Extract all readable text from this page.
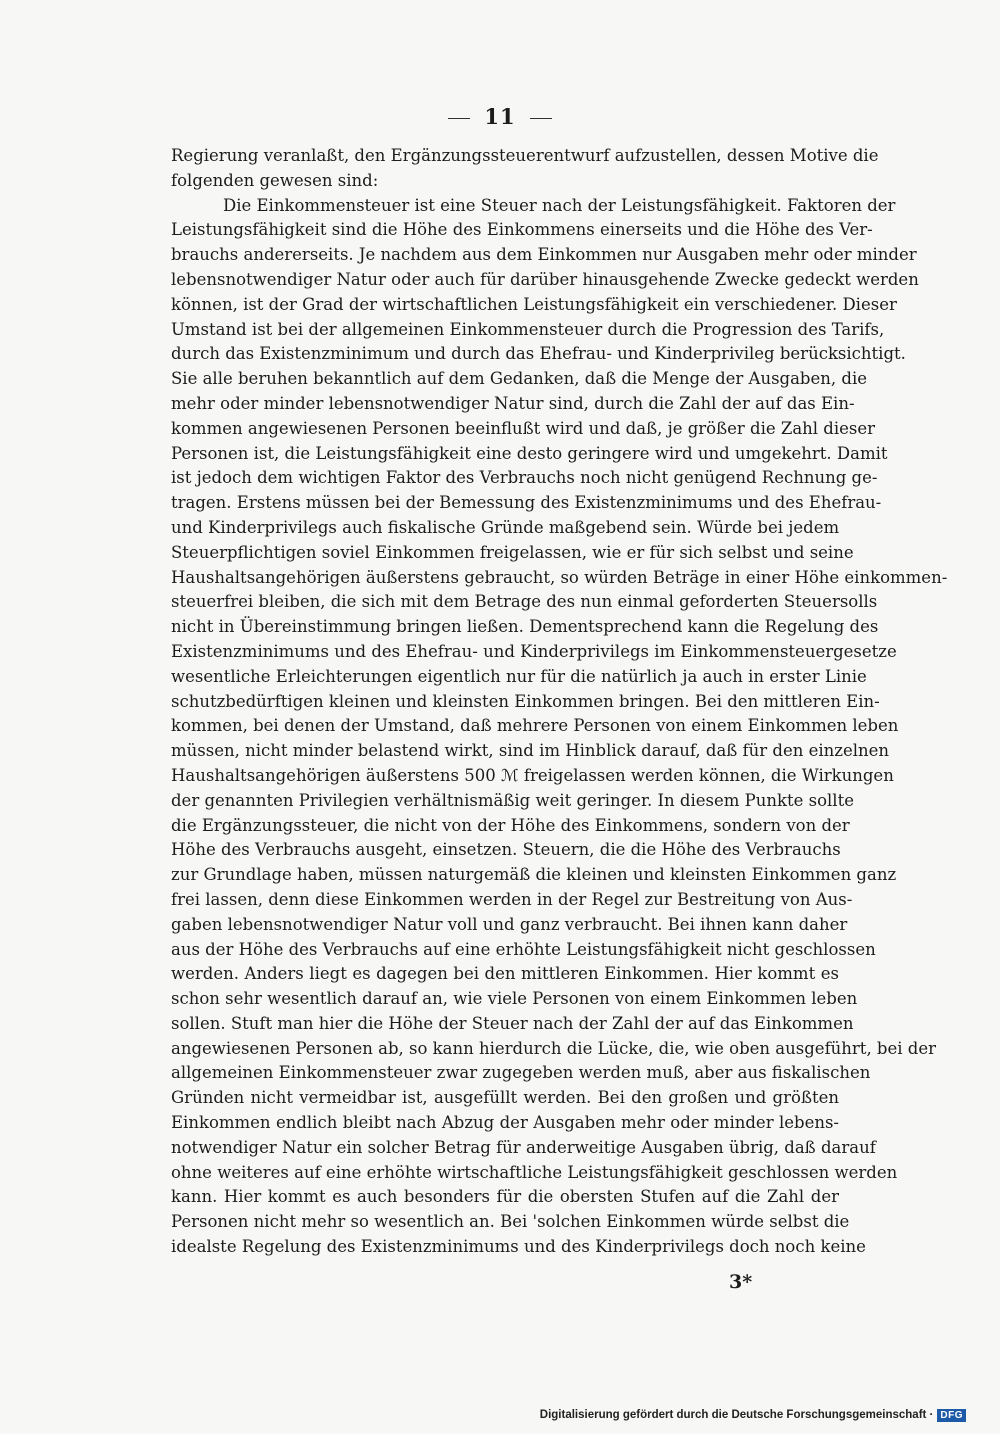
11
Regierung veranlaßt, den Ergänzungssteuerentwurf aufzustellen, dessen Motive die
folgenden gewesen sind:
Die Einkommensteuer ist eine Steuer nach der Leistungsfähigkeit. Faktoren der
Leistungsfähigkeit sind die Höhe des Einkommens einerseits und die Höhe des Ver-
brauchs andererseits. Je nachdem aus dem Einkommen nur Ausgaben mehr oder minder
lebensnotwendiger Natur oder auch für darüber hinausgehende Zwecke gedeckt werden
können, ist der Grad der wirtschaftlichen Leistungsfähigkeit ein verschiedener. Dieser
Umstand ist bei der allgemeinen Einkommensteuer durch die Progression des Tarifs,
durch das Existenzminimum und durch das Ehefrau- und Kinderprivileg berücksichtigt.
Sie alle beruhen bekanntlich auf dem Gedanken, daß die Menge der Ausgaben, die
mehr oder minder lebensnotwendiger Natur sind, durch die Zahl der auf das Ein-
kommen angewiesenen Personen beeinflußt wird und daß, je größer die Zahl dieser
Personen ist, die Leistungsfähigkeit eine desto geringere wird und umgekehrt. Damit
ist jedoch dem wichtigen Faktor des Verbrauchs noch nicht genügend Rechnung ge-
tragen. Erstens müssen bei der Bemessung des Existenzminimums und des Ehefrau-
und Kinderprivilegs auch fiskalische Gründe maßgebend sein. Würde bei jedem
Steuerpflichtigen soviel Einkommen freigelassen, wie er für sich selbst und seine
Haushaltsangehörigen äußerstens gebraucht, so würden Beträge in einer Höhe einkommen-
steuerfrei bleiben, die sich mit dem Betrage des nun einmal geforderten Steuersolls
nicht in Übereinstimmung bringen ließen. Dementsprechend kann die Regelung des
Existenzminimums und des Ehefrau- und Kinderprivilegs im Einkommensteuergesetze
wesentliche Erleichterungen eigentlich nur für die natürlich ja auch in erster Linie
schutzbedürftigen kleinen und kleinsten Einkommen bringen. Bei den mittleren Ein-
kommen, bei denen der Umstand, daß mehrere Personen von einem Einkommen leben
müssen, nicht minder belastend wirkt, sind im Hinblick darauf, daß für den einzelnen
Haushaltsangehörigen äußerstens 500 ℳ freigelassen werden können, die Wirkungen
der genannten Privilegien verhältnismäßig weit geringer. In diesem Punkte sollte
die Ergänzungssteuer, die nicht von der Höhe des Einkommens, sondern von der
Höhe des Verbrauchs ausgeht, einsetzen. Steuern, die die Höhe des Verbrauchs
zur Grundlage haben, müssen naturgemäß die kleinen und kleinsten Einkommen ganz
frei lassen, denn diese Einkommen werden in der Regel zur Bestreitung von Aus-
gaben lebensnotwendiger Natur voll und ganz verbraucht. Bei ihnen kann daher
aus der Höhe des Verbrauchs auf eine erhöhte Leistungsfähigkeit nicht geschlossen
werden. Anders liegt es dagegen bei den mittleren Einkommen. Hier kommt es
schon sehr wesentlich darauf an, wie viele Personen von einem Einkommen leben
sollen. Stuft man hier die Höhe der Steuer nach der Zahl der auf das Einkommen
angewiesenen Personen ab, so kann hierdurch die Lücke, die, wie oben ausgeführt, bei der
allgemeinen Einkommensteuer zwar zugegeben werden muß, aber aus fiskalischen
Gründen nicht vermeidbar ist, ausgefüllt werden. Bei den großen und größten
Einkommen endlich bleibt nach Abzug der Ausgaben mehr oder minder lebens-
notwendiger Natur ein solcher Betrag für anderweitige Ausgaben übrig, daß darauf
ohne weiteres auf eine erhöhte wirtschaftliche Leistungsfähigkeit geschlossen werden
kann. Hier kommt es auch besonders für die obersten Stufen auf die Zahl der
Personen nicht mehr so wesentlich an. Bei 'solchen Einkommen würde selbst die
idealste Regelung des Existenzminimums und des Kinderprivilegs doch noch keine
3*
Digitalisierung gefördert durch die Deutsche Forschungsgemeinschaft · DFG
